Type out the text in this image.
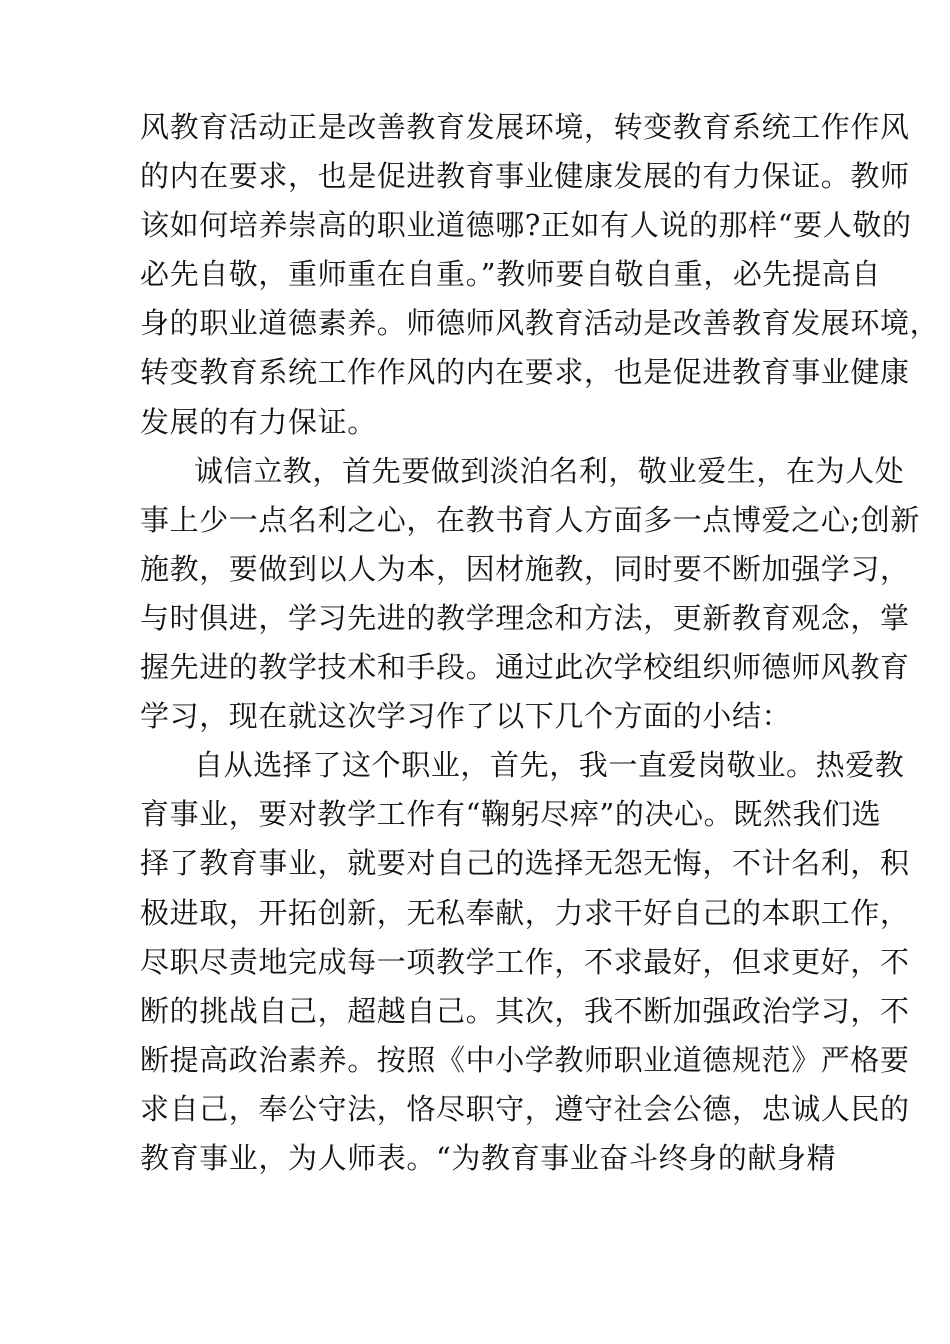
风教育活动正是改善教育发展环境，转变教育系统工作作风
的内在要求，也是促进教育事业健康发展的有力保证。教师
该如何培养崇高的职业道德哪?正如有人说的那样“要人敬的
必先自敬，重师重在自重。”教师要自敬自重，必先提高自
身的职业道德素养。师德师风教育活动是改善教育发展环境，
转变教育系统工作作风的内在要求，也是促进教育事业健康
发展的有力保证。
诚信立教，首先要做到淡泊名利，敬业爱生，在为人处
事上少一点名利之心，在教书育人方面多一点博爱之心;创新
施教，要做到以人为本，因材施教，同时要不断加强学习，
与时俱进，学习先进的教学理念和方法，更新教育观念，掌
握先进的教学技术和手段。通过此次学校组织师德师风教育
学习，现在就这次学习作了以下几个方面的小结：
自从选择了这个职业，首先，我一直爱岗敬业。热爱教
育事业，要对教学工作有“鞠躬尽瘁”的决心。既然我们选
择了教育事业，就要对自己的选择无怨无悔，不计名利，积
极进取，开拓创新，无私奉献，力求干好自己的本职工作，
尽职尽责地完成每一项教学工作，不求最好，但求更好，不
断的挑战自己，超越自己。其次，我不断加强政治学习，不
断提高政治素养。按照《中小学教师职业道德规范》严格要
求自己，奉公守法，恪尽职守，遵守社会公德，忠诚人民的
教育事业，为人师表。“为教育事业奋斗终身的献身精
